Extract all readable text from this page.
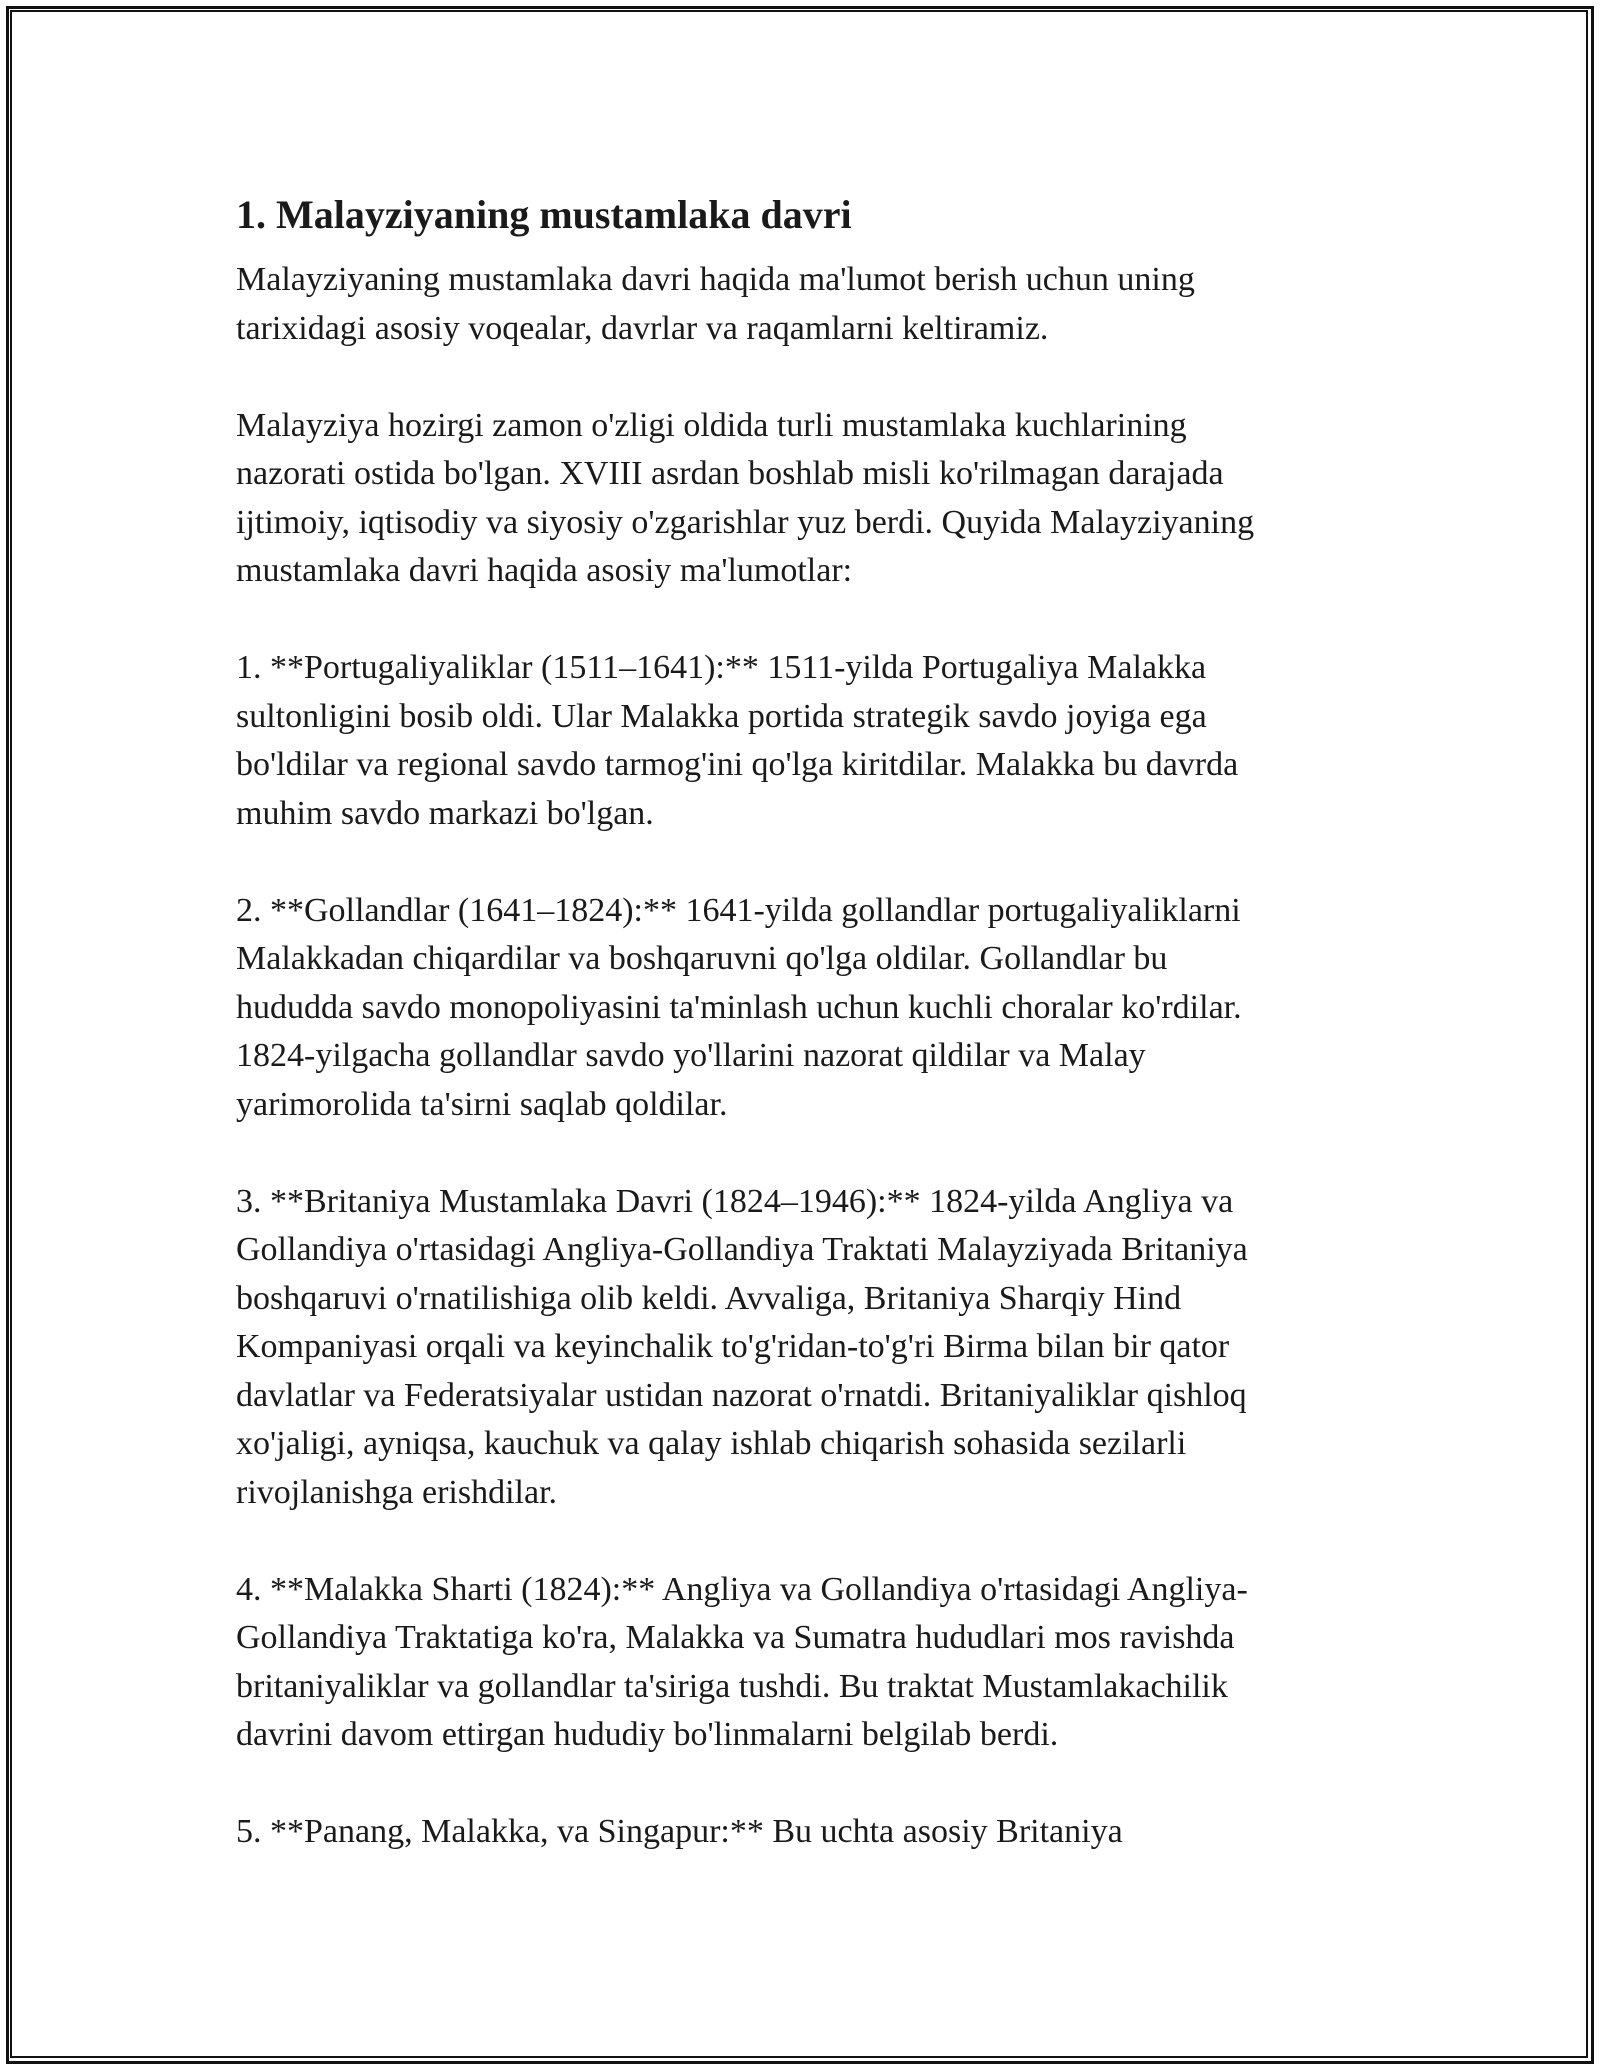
1. Malayziyaning mustamlaka davri

Malayziyaning mustamlaka davri haqida ma'lumot berish uchun uning
tarixidagi asosiy voqealar, davrlar va raqamlarni keltiramiz.

Malayziya hozirgi zamon o'zligi oldida turli mustamlaka kuchlarining
nazorati ostida bo'lgan. XVIII asrdan boshlab misli ko'rilmagan darajada
ijtimoiy, iqtisodiy va siyosiy o'zgarishlar yuz berdi. Quyida Malayziyaning
mustamlaka davri haqida asosiy ma'lumotlar:

1. **Portugaliyaliklar (1511–1641):** 1511-yilda Portugaliya Malakka
sultonligini bosib oldi. Ular Malakka portida strategik savdo joyiga ega
bo'ldilar va regional savdo tarmog'ini qo'lga kiritdilar. Malakka bu davrda
muhim savdo markazi bo'lgan.

2. **Gollandlar (1641–1824):** 1641-yilda gollandlar portugaliyaliklarni
Malakkadan chiqardilar va boshqaruvni qo'lga oldilar. Gollandlar bu
hududda savdo monopoliyasini ta'minlash uchun kuchli choralar ko'rdilar.
1824-yilgacha gollandlar savdo yo'llarini nazorat qildilar va Malay
yarimorolida ta'sirni saqlab qoldilar.

3. **Britaniya Mustamlaka Davri (1824–1946):** 1824-yilda Angliya va
Gollandiya o'rtasidagi Angliya-Gollandiya Traktati Malayziyada Britaniya
boshqaruvi o'rnatilishiga olib keldi. Avvaliga, Britaniya Sharqiy Hind
Kompaniyasi orqali va keyinchalik to'g'ridan-to'g'ri Birma bilan bir qator
davlatlar va Federatsiyalar ustidan nazorat o'rnatdi. Britaniyaliklar qishloq
xo'jaligi, ayniqsa, kauchuk va qalay ishlab chiqarish sohasida sezilarli
rivojlanishga erishdilar.

4. **Malakka Sharti (1824):** Angliya va Gollandiya o'rtasidagi Angliya-
Gollandiya Traktatiga ko'ra, Malakka va Sumatra hududlari mos ravishda
britaniyaliklar va gollandlar ta'siriga tushdi. Bu traktat Mustamlakachilik
davrini davom ettirgan hududiy bo'linmalarni belgilab berdi.

5. **Panang, Malakka, va Singapur:** Bu uchta asosiy Britaniya
